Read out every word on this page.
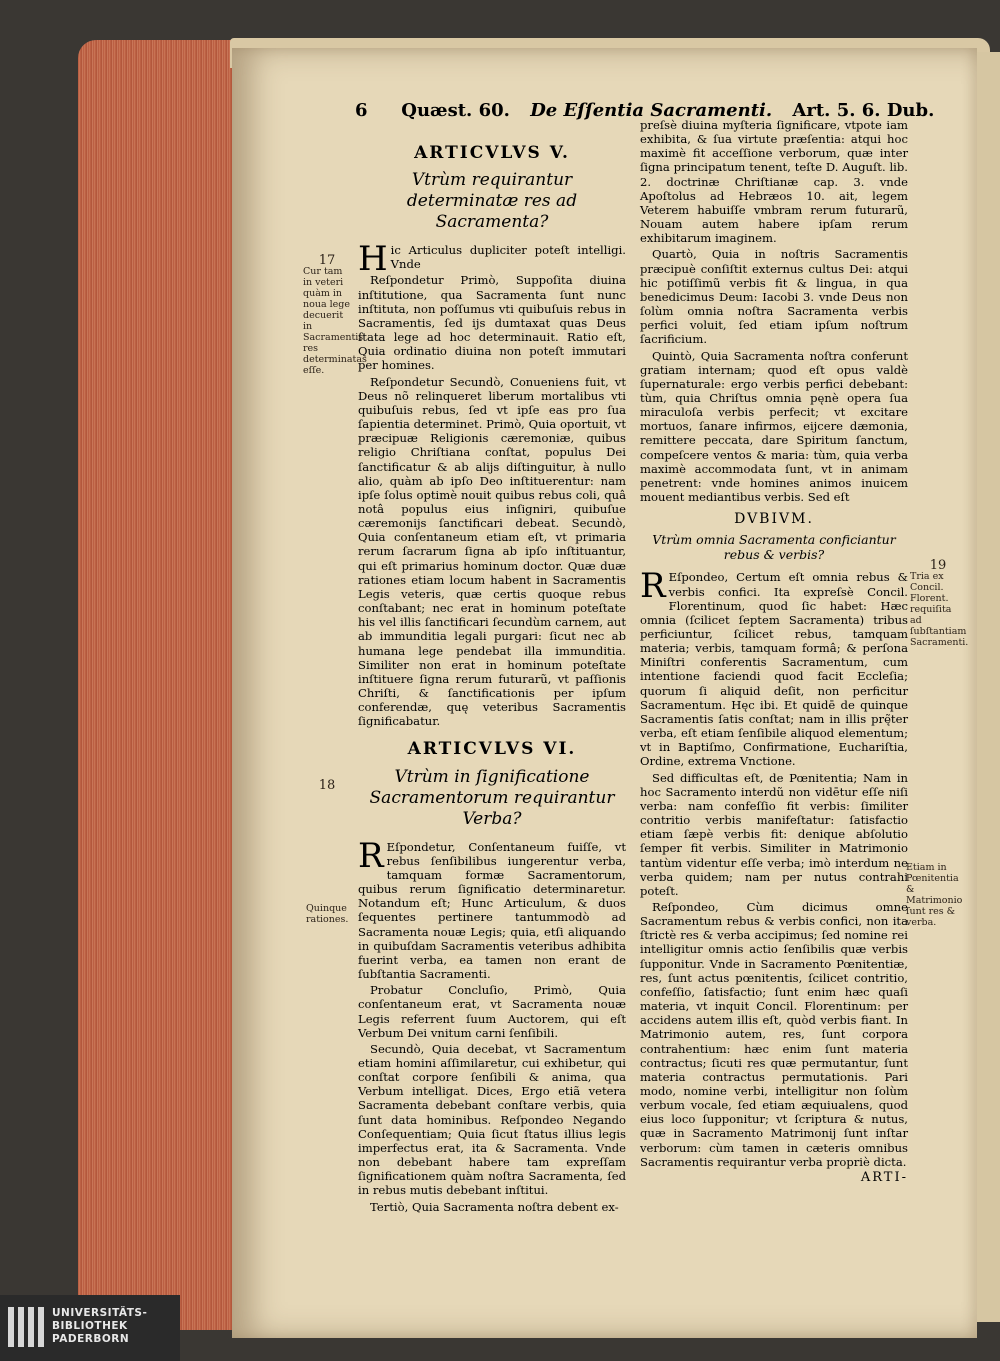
6 Quæst. 60. De Eſſentia Sacramenti. Art. 5. 6. Dub.
ARTICVLVS V.
Vtrùm requirantur determinatæ res ad Sacramenta?

Hic Articulus dupliciter poteſt intelligi. Vnde

Reſpondetur Primò, Suppoſita diuina inſtitutione, qua Sacramenta ſunt nunc inſtituta, non poſſumus vti quibuſuis rebus in Sacramentis, ſed ijs dumtaxat quas Deus ſtata lege ad hoc determinauit. Ratio eſt, Quia ordinatio diuina non poteſt immutari per homines.

Reſpondetur Secundò, Conueniens fuit, vt Deus nõ relinqueret liberum mortalibus vti quibuſuis rebus, ſed vt ipſe eas pro ſua ſapientia determinet. Primò, Quia oportuit, vt præcipuæ Religionis cæremoniæ, quibus religio Chriſtiana conſtat, populus Dei ſanctificatur & ab alijs diſtinguitur, à nullo alio, quàm ab ipſo Deo inſtituerentur: nam ipſe ſolus optimè nouit quibus rebus coli, quâ notâ populus eius inſigniri, quibuſue cæremonijs ſanctificari debeat. Secundò, Quia conſentaneum etiam eſt, vt primaria rerum ſacrarum ſigna ab ipſo inſtituantur, qui eſt primarius hominum doctor. Quæ duæ rationes etiam locum habent in Sacramentis Legis veteris, quæ certis quoque rebus conſtabant; nec erat in hominum poteſtate his vel illis ſanctificari ſecundùm carnem, aut ab immunditia legali purgari: ſicut nec ab humana lege pendebat illa immunditia. Similiter non erat in hominum poteſtate inſtituere ſigna rerum futurarũ, vt paſſionis Chriſti, & ſanctificationis per ipſum conferendæ, quę veteribus Sacramentis ſignificabatur.

ARTICVLVS VI.
Vtrùm in ſignificatione Sacramentorum requirantur Verba?

R Eſpondetur, Conſentaneum fuiſſe, vt rebus ſenſibilibus iungerentur verba, tamquam formæ Sacramentorum, quibus rerum ſignificatio determinaretur. Notandum eſt; Hunc Articulum, & duos ſequentes pertinere tantummodò ad Sacramenta nouæ Legis; quia, etſi aliquando in quibuſdam Sacramentis veteribus adhibita fuerint verba, ea tamen non erant de ſubſtantia Sacramenti.

Probatur Concluſio, Primò, Quia conſentaneum erat, vt Sacramenta nouæ Legis referrent ſuum Auctorem, qui eſt Verbum Dei vnitum carni ſenſibili.

Secundò, Quia decebat, vt Sacramentum etiam homini aſſimilaretur, cui exhibetur, qui conſtat corpore ſenſibili & anima, qua Verbum intelligat. Dices, Ergo etiã vetera Sacramenta debebant conſtare verbis, quia ſunt data hominibus. Reſpondeo Negando Conſequentiam; Quia ſicut ſtatus illius legis imperfectus erat, ita & Sacramenta. Vnde non debebant habere tam expreſſam ſignificationem quàm noſtra Sacramenta, ſed in rebus mutis debebant inſtitui.

Tertiò, Quia Sacramenta noſtra debent ex-

preſsè diuina myſteria ſignificare, vtpote iam exhibita, & ſua virtute præſentia: atqui hoc maximè fit acceſſione verborum, quæ inter ſigna principatum tenent, teſte D. Auguſt. lib. 2. doctrinæ Chriſtianæ cap. 3. vnde Apoſtolus ad Hebræos 10. ait, legem Veterem habuiſſe vmbram rerum futurarũ, Nouam autem habere ipſam rerum exhibitarum imaginem.

Quartò, Quia in noſtris Sacramentis præcipuè conſiſtit externus cultus Dei: atqui hic potiſſimũ verbis fit & lingua, in qua benedicimus Deum: Iacobi 3. vnde Deus non ſolùm omnia noſtra Sacramenta verbis perfici voluit, ſed etiam ipſum noſtrum ſacrificium.

Quintò, Quia Sacramenta noſtra conferunt gratiam internam; quod eſt opus valdè ſupernaturale: ergo verbis perfici debebant: tùm, quia Chriſtus omnia pęnè opera ſua miraculoſa verbis perfecit; vt excitare mortuos, ſanare infirmos, eijcere dæmonia, remittere peccata, dare Spiritum ſanctum, compeſcere ventos & maria: tùm, quia verba maximè accommodata ſunt, vt in animam penetrent: vnde homines animos inuicem mouent mediantibus verbis. Sed eſt

DVBIVM.
Vtrùm omnia Sacramenta conficiantur rebus & verbis?

R Eſpondeo, Certum eſt omnia rebus & verbis confici. Ita expreſsè Concil. Florentinum, quod ſic habet: Hæc omnia (ſcilicet ſeptem Sacramenta) tribus perficiuntur, ſcilicet rebus, tamquam materia; verbis, tamquam formâ; & perſona Miniſtri conferentis Sacramentum, cum intentione faciendi quod facit Eccleſia; quorum ſi aliquid deſit, non perficitur Sacramentum. Hęc ibi. Et quidē de quinque Sacramentis ſatis conſtat; nam in illis prę̃ter verba, eſt etiam ſenſibile aliquod elementum; vt in Baptiſmo, Confirmatione, Euchariſtia, Ordine, extrema Vnctione.

Sed difficultas eſt, de Pœnitentia; Nam in hoc Sacramento interdũ non vidētur eſſe niſi verba: nam confeſſio fit verbis: ſimiliter contritio verbis manifeſtatur: ſatisfactio etiam ſæpè verbis fit: denique abſolutio ſemper fit verbis. Similiter in Matrimonio tantùm videntur eſſe verba; imò interdum ne verba quidem; nam per nutus contrahi poteſt.

Reſpondeo, Cùm dicimus omne Sacramentum rebus & verbis confici, non ita ſtrictè res & verba accipimus; ſed nomine rei intelligitur omnis actio ſenſibilis quæ verbis ſupponitur. Vnde in Sacramento Pœnitentiæ, res, ſunt actus pœnitentis, ſcilicet contritio, confeſſio, ſatisfactio; ſunt enim hæc quaſi materia, vt inquit Concil. Florentinum: per accidens autem illis eſt, quòd verbis fiant. In Matrimonio autem, res, ſunt corpora contrahentium: hæc enim ſunt materia contractus; ſicuti res quæ permutantur, ſunt materia contractus permutationis. Pari modo, nomine verbi, intelligitur non ſolùm verbum vocale, ſed etiam æquiualens, quod eius loco ſupponitur; vt ſcriptura & nutus, quæ in Sacramento Matrimonij ſunt inſtar verborum: cùm tamen in cæteris omnibus Sacramentis requirantur verba propriè dicta.

ARTI-
17
Cur tam in veteri quàm in noua lege decuerit in Sacramentis res determinatas eſſe.
18
Quinque rationes.
19
Tria ex Concil. Florent. requiſita ad ſubſtantiam Sacramenti.
Etiam in Pœnitentia & Matrimonio ſunt res & verba.
UNIVERSITÄTS-
BIBLIOTHEK
PADERBORN
